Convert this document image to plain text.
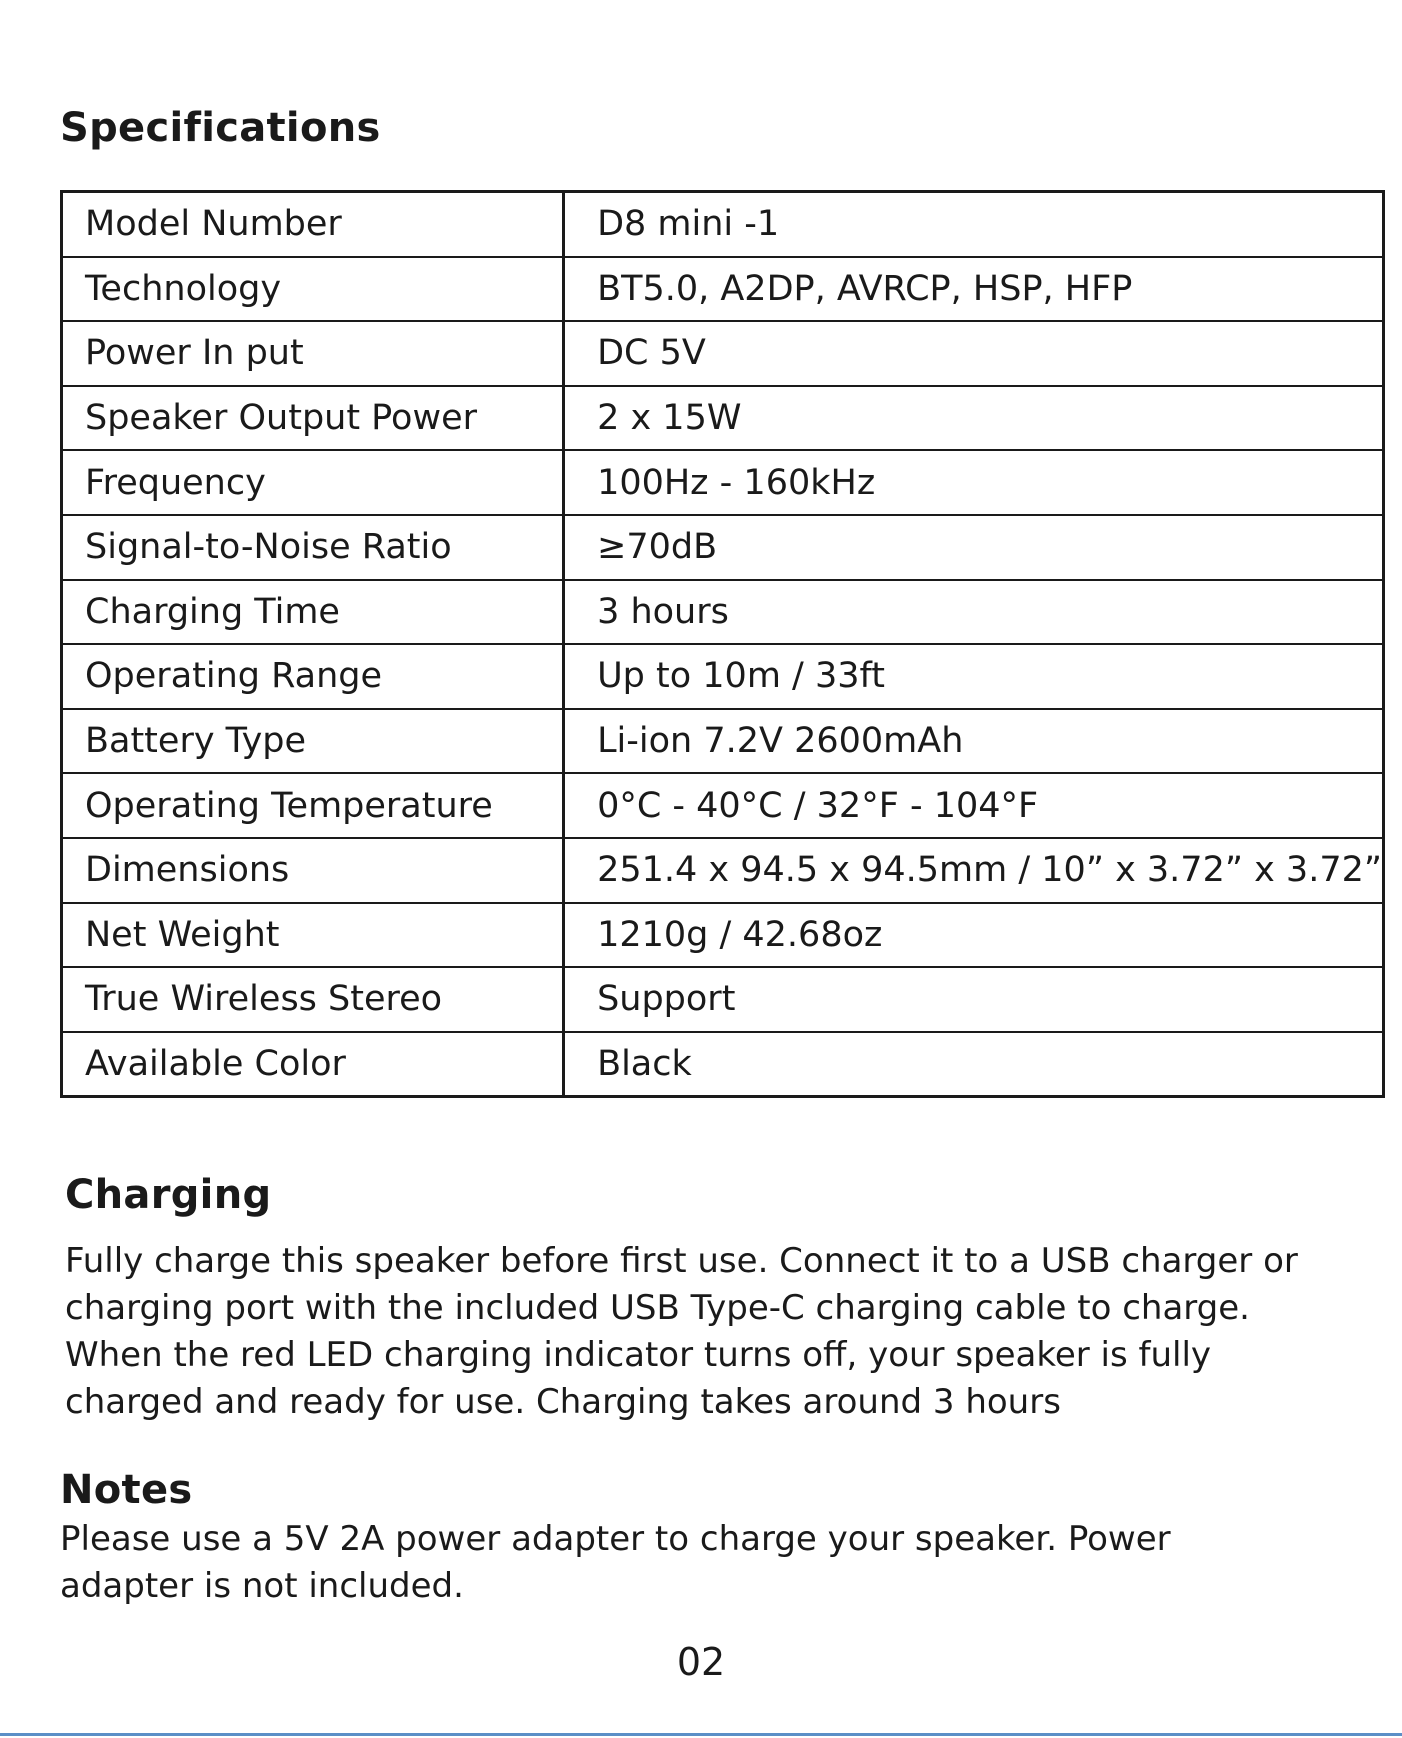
Specifications
Model Number	D8 mini -1
Technology	BT5.0, A2DP, AVRCP, HSP, HFP
Power In put	DC 5V
Speaker Output Power	2 x 15W
Frequency	100Hz - 160kHz
Signal-to-Noise Ratio	≥70dB
Charging Time	3 hours
Operating Range	Up to 10m / 33ft
Battery Type	Li-ion 7.2V 2600mAh
Operating Temperature	0°C - 40°C / 32°F - 104°F
Dimensions	251.4 x 94.5 x 94.5mm / 10” x 3.72” x 3.72”
Net Weight	1210g / 42.68oz
True Wireless Stereo	Support
Available Color	Black
Charging

Fully charge this speaker before first use. Connect it to a USB charger or charging port with the included USB Type-C charging cable to charge. When the red LED charging indicator turns off, your speaker is fully charged and ready for use. Charging takes around 3 hours

Notes

Please use a 5V 2A power adapter to charge your speaker. Power adapter is not included.

02
